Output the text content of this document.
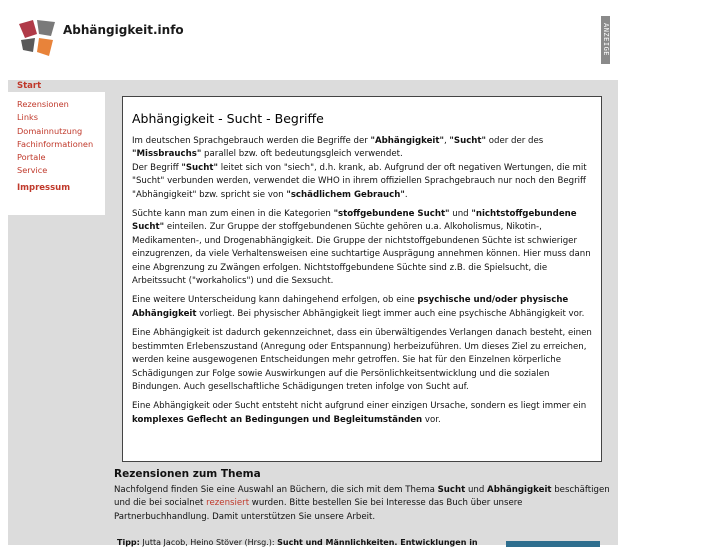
Abhängigkeit.info	ANZEIGE
Start
Rezensionen
Links
Domainnutzung
Fachinformationen
Portale
Service
Impressum
Abhängigkeit - Sucht - Begriffe

Im deutschen Sprachgebrauch werden die Begriffe der "Abhängigkeit", "Sucht" oder der des "Missbrauchs" parallel bzw. oft bedeutungsgleich verwendet.
Der Begriff "Sucht" leitet sich von "siech", d.h. krank, ab. Aufgrund der oft negativen Wertungen, die mit "Sucht" verbunden werden, verwendet die WHO in ihrem offiziellen Sprachgebrauch nur noch den Begriff "Abhängigkeit" bzw. spricht sie von "schädlichem Gebrauch".

Süchte kann man zum einen in die Kategorien "stoffgebundene Sucht" und "nichtstoffgebundene Sucht" einteilen. Zur Gruppe der stoffgebundenen Süchte gehören u.a. Alkoholismus, Nikotin-, Medikamenten-, und Drogenabhängigkeit. Die Gruppe der nichtstoffgebundenen Süchte ist schwieriger einzugrenzen, da viele Verhaltensweisen eine suchtartige Ausprägung annehmen können. Hier muss dann eine Abgrenzung zu Zwängen erfolgen. Nichtstoffgebundene Süchte sind z.B. die Spielsucht, die Arbeitssucht ("workaholics") und die Sexsucht.

Eine weitere Unterscheidung kann dahingehend erfolgen, ob eine psychische und/oder physische Abhängigkeit vorliegt. Bei physischer Abhängigkeit liegt immer auch eine psychische Abhängigkeit vor.

Eine Abhängigkeit ist dadurch gekennzeichnet, dass ein überwältigendes Verlangen danach besteht, einen bestimmten Erlebenszustand (Anregung oder Entspannung) herbeizuführen. Um dieses Ziel zu erreichen, werden keine ausgewogenen Entscheidungen mehr getroffen. Sie hat für den Einzelnen körperliche Schädigungen zur Folge sowie Auswirkungen auf die Persönlichkeitsentwicklung und die sozialen Bindungen. Auch gesellschaftliche Schädigungen treten infolge von Sucht auf.

Eine Abhängigkeit oder Sucht entsteht nicht aufgrund einer einzigen Ursache, sondern es liegt immer ein komplexes Geflecht an Bedingungen und Begleitumständen vor.

Rezensionen zum Thema

Nachfolgend finden Sie eine Auswahl an Büchern, die sich mit dem Thema Sucht und Abhängigkeit beschäftigen und die bei socialnet rezensiert wurden. Bitte bestellen Sie bei Interesse das Buch über unsere Partnerbuchhandlung. Damit unterstützen Sie unsere Arbeit.

Tipp: Jutta Jacob, Heino Stöver (Hrsg.): Sucht und Männlichkeiten. Entwicklungen in
